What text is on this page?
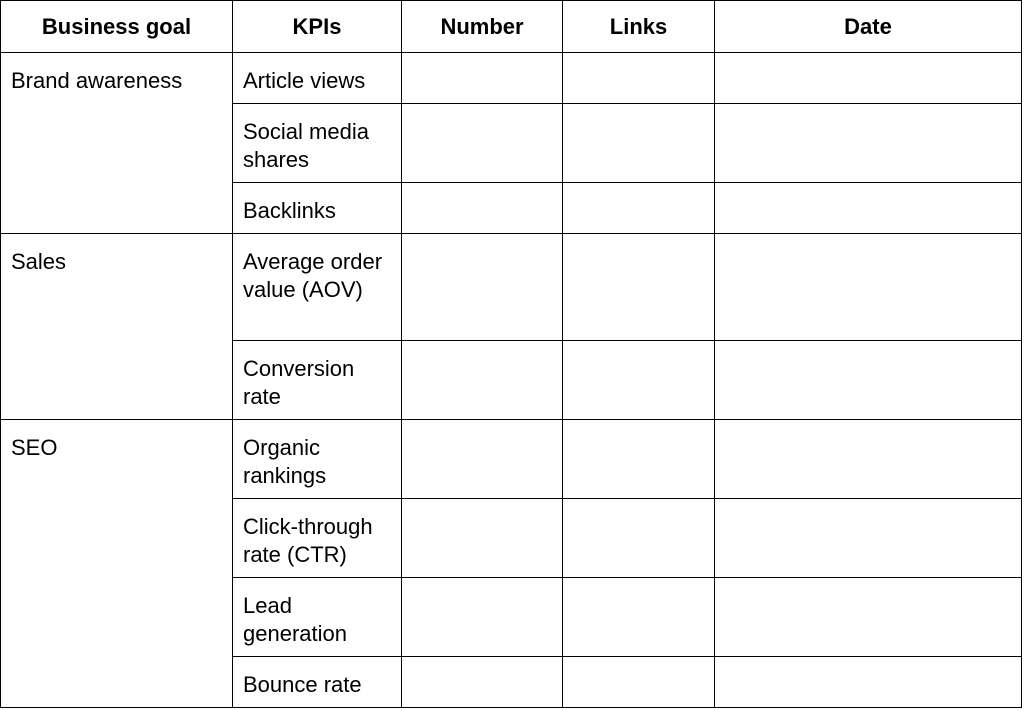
Business goal	KPIs	Number	Links	Date

Brand awareness	Article views			

	Social media shares			

	Backlinks			

Sales	Average order value (AOV)			

	Conversion rate			

SEO	Organic rankings			

	Click-through rate (CTR)			

	Lead generation			

	Bounce rate			
